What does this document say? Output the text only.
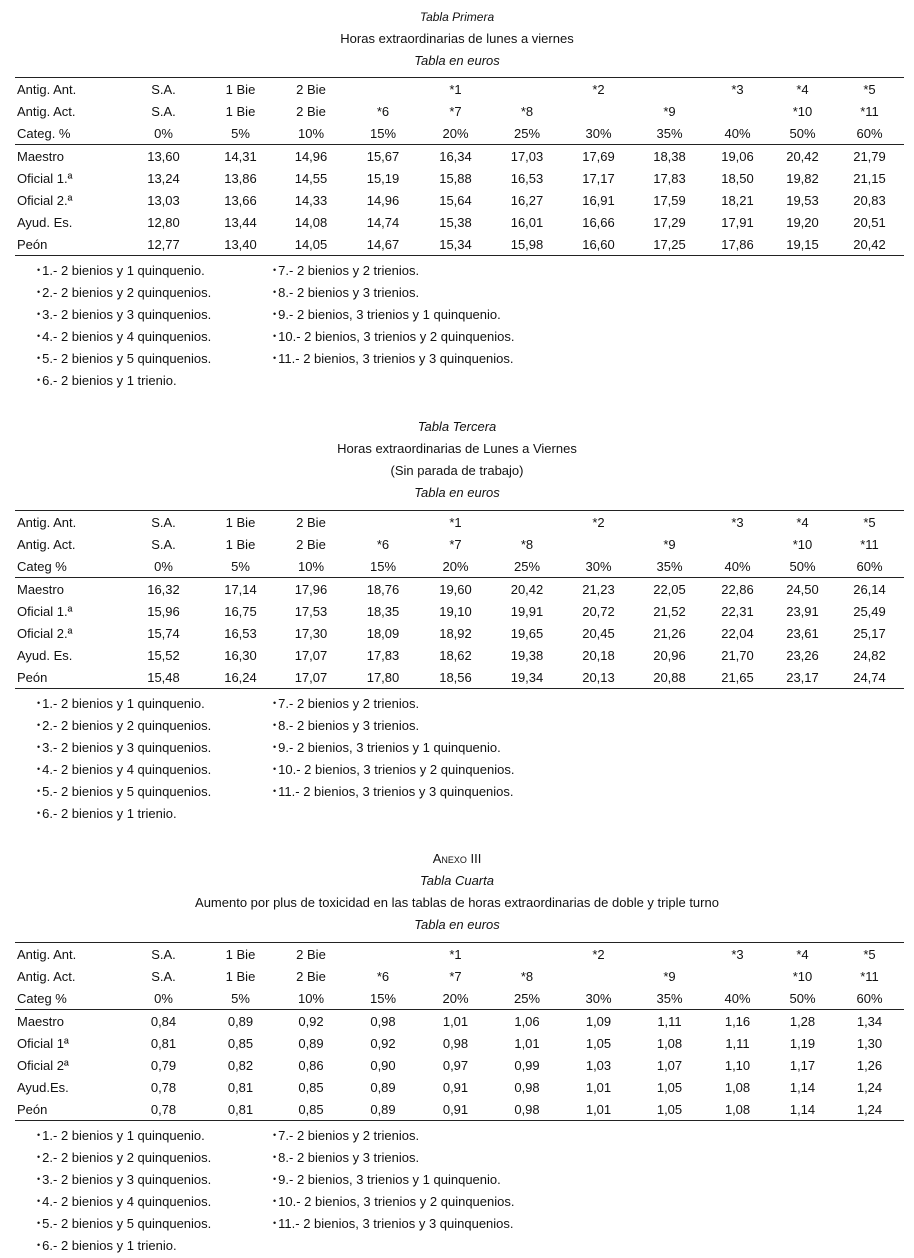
Tabla Primera
Horas extraordinarias de lunes a viernes
Tabla en euros
Antig. Ant.	S.A.	1 Bie	2 Bie		*1		*2		*3	*4	*5
Antig. Act.	S.A.	1 Bie	2 Bie	*6	*7	*8		*9		*10	*11
Categ. %	0%	5%	10%	15%	20%	25%	30%	35%	40%	50%	60%
Maestro	13,60	14,31	14,96	15,67	16,34	17,03	17,69	18,38	19,06	20,42	21,79
Oficial 1.ª	13,24	13,86	14,55	15,19	15,88	16,53	17,17	17,83	18,50	19,82	21,15
Oficial 2.ª	13,03	13,66	14,33	14,96	15,64	16,27	16,91	17,59	18,21	19,53	20,83
Ayud. Es.	12,80	13,44	14,08	14,74	15,38	16,01	16,66	17,29	17,91	19,20	20,51
Peón	12,77	13,40	14,05	14,67	15,34	15,98	16,60	17,25	17,86	19,15	20,42
• 1.- 2 bienios y 1 quinquenio.
• 2.- 2 bienios y 2 quinquenios.
• 3.- 2 bienios y 3 quinquenios.
• 4.- 2 bienios y 4 quinquenios.
• 5.- 2 bienios y 5 quinquenios.
• 6.- 2 bienios y 1 trienio.
• 7.- 2 bienios y 2 trienios.
• 8.- 2 bienios y 3 trienios.
• 9.- 2 bienios, 3 trienios y 1 quinquenio.
• 10.- 2 bienios, 3 trienios y 2 quinquenios.
• 11.- 2 bienios, 3 trienios y 3 quinquenios.
Tabla Tercera
Horas extraordinarias de Lunes a Viernes
(Sin parada de trabajo)
Tabla en euros
Antig. Ant.	S.A.	1 Bie	2 Bie		*1		*2		*3	*4	*5
Antig. Act.	S.A.	1 Bie	2 Bie	*6	*7	*8		*9		*10	*11
Categ %	0%	5%	10%	15%	20%	25%	30%	35%	40%	50%	60%
Maestro	16,32	17,14	17,96	18,76	19,60	20,42	21,23	22,05	22,86	24,50	26,14
Oficial 1.ª	15,96	16,75	17,53	18,35	19,10	19,91	20,72	21,52	22,31	23,91	25,49
Oficial 2.ª	15,74	16,53	17,30	18,09	18,92	19,65	20,45	21,26	22,04	23,61	25,17
Ayud. Es.	15,52	16,30	17,07	17,83	18,62	19,38	20,18	20,96	21,70	23,26	24,82
Peón	15,48	16,24	17,07	17,80	18,56	19,34	20,13	20,88	21,65	23,17	24,74
• 1.- 2 bienios y 1 quinquenio.
• 2.- 2 bienios y 2 quinquenios.
• 3.- 2 bienios y 3 quinquenios.
• 4.- 2 bienios y 4 quinquenios.
• 5.- 2 bienios y 5 quinquenios.
• 6.- 2 bienios y 1 trienio.
• 7.- 2 bienios y 2 trienios.
• 8.- 2 bienios y 3 trienios.
• 9.- 2 bienios, 3 trienios y 1 quinquenio.
• 10.- 2 bienios, 3 trienios y 2 quinquenios.
• 11.- 2 bienios, 3 trienios y 3 quinquenios.
Anexo III
Tabla Cuarta
Aumento por plus de toxicidad en las tablas de horas extraordinarias de doble y triple turno
Tabla en euros
Antig. Ant.	S.A.	1 Bie	2 Bie		*1		*2		*3	*4	*5
Antig. Act.	S.A.	1 Bie	2 Bie	*6	*7	*8		*9		*10	*11
Categ %	0%	5%	10%	15%	20%	25%	30%	35%	40%	50%	60%
Maestro	0,84	0,89	0,92	0,98	1,01	1,06	1,09	1,11	1,16	1,28	1,34
Oficial 1ª	0,81	0,85	0,89	0,92	0,98	1,01	1,05	1,08	1,11	1,19	1,30
Oficial 2ª	0,79	0,82	0,86	0,90	0,97	0,99	1,03	1,07	1,10	1,17	1,26
Ayud.Es.	0,78	0,81	0,85	0,89	0,91	0,98	1,01	1,05	1,08	1,14	1,24
Peón	0,78	0,81	0,85	0,89	0,91	0,98	1,01	1,05	1,08	1,14	1,24
• 1.- 2 bienios y 1 quinquenio.
• 2.- 2 bienios y 2 quinquenios.
• 3.- 2 bienios y 3 quinquenios.
• 4.- 2 bienios y 4 quinquenios.
• 5.- 2 bienios y 5 quinquenios.
• 6.- 2 bienios y 1 trienio.
• 7.- 2 bienios y 2 trienios.
• 8.- 2 bienios y 3 trienios.
• 9.- 2 bienios, 3 trienios y 1 quinquenio.
• 10.- 2 bienios, 3 trienios y 2 quinquenios.
• 11.- 2 bienios, 3 trienios y 3 quinquenios.
